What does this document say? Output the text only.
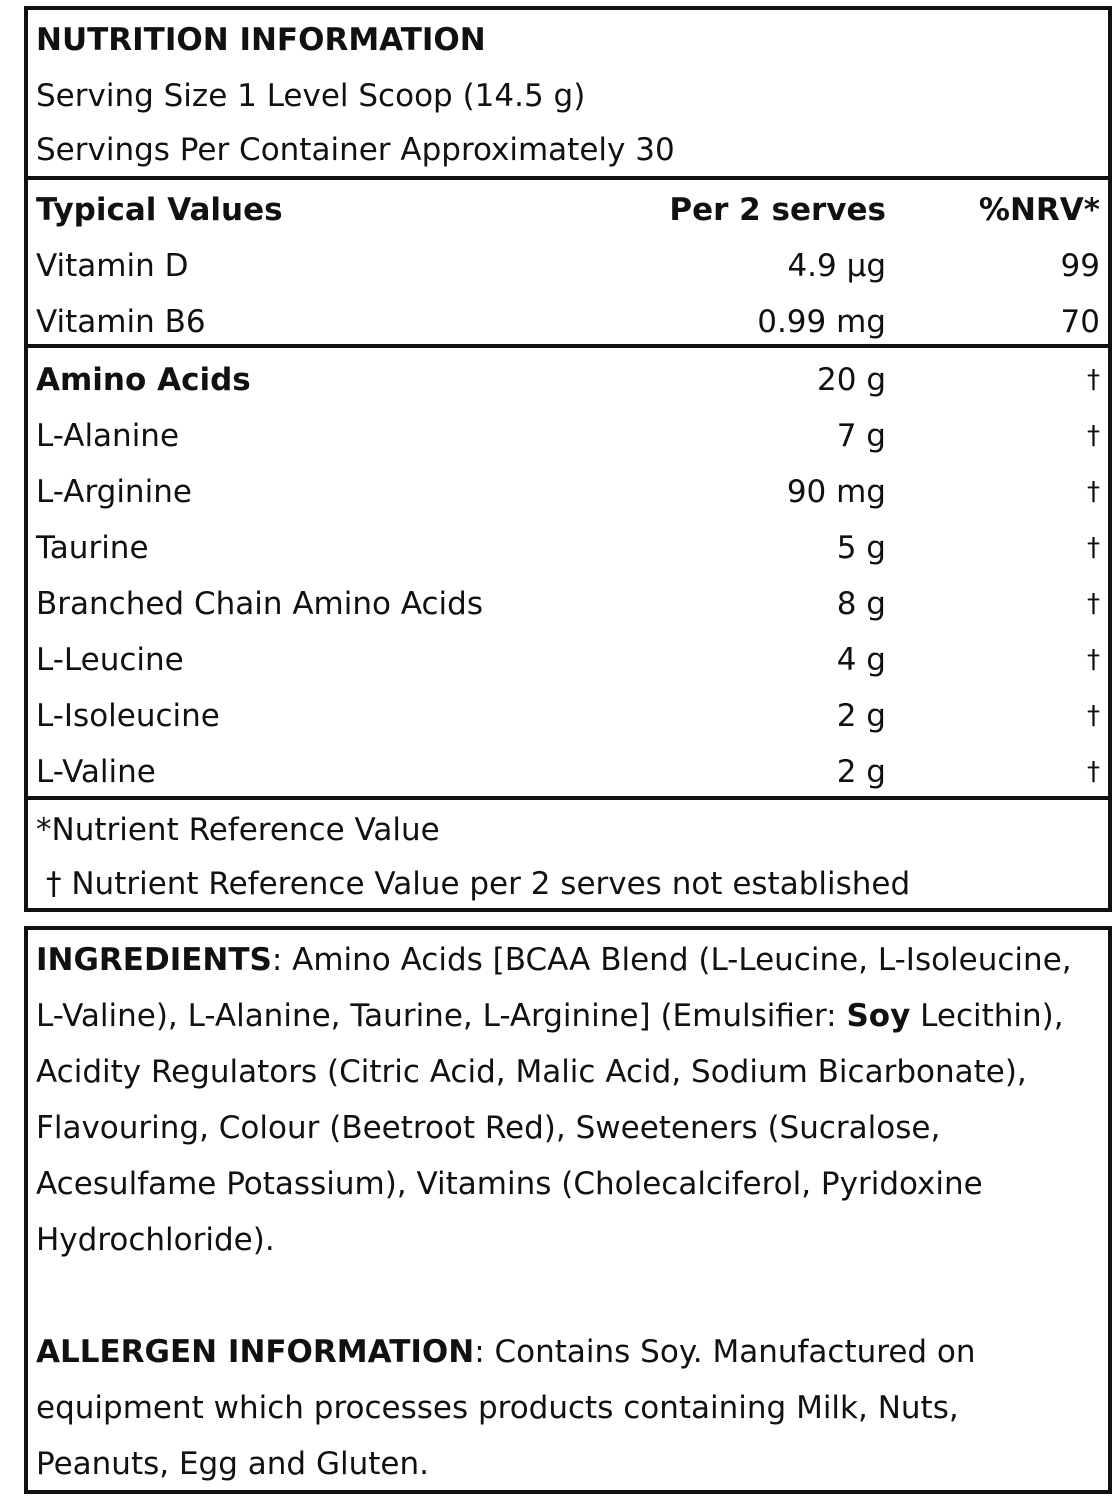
NUTRITION INFORMATION
Serving Size 1 Level Scoop (14.5 g)
Servings Per Container Approximately 30
Typical Values	Per 2 serves	%NRV*
Vitamin D	4.9 µg	99
Vitamin B6	0.99 mg	70
Amino Acids	20 g	†
L-Alanine	7 g	†
L-Arginine	90 mg	†
Taurine	5 g	†
Branched Chain Amino Acids	8 g	†
L-Leucine	4 g	†
L-Isoleucine	2 g	†
L-Valine	2 g	†
*Nutrient Reference Value
† Nutrient Reference Value per 2 serves not established
INGREDIENTS: Amino Acids [BCAA Blend (L-Leucine, L-Isoleucine, L-Valine), L-Alanine, Taurine, L-Arginine] (Emulsifier: Soy Lecithin), Acidity Regulators (Citric Acid, Malic Acid, Sodium Bicarbonate), Flavouring, Colour (Beetroot Red), Sweeteners (Sucralose, Acesulfame Potassium), Vitamins (Cholecalciferol, Pyridoxine Hydrochloride).
ALLERGEN INFORMATION: Contains Soy. Manufactured on equipment which processes products containing Milk, Nuts, Peanuts, Egg and Gluten.
